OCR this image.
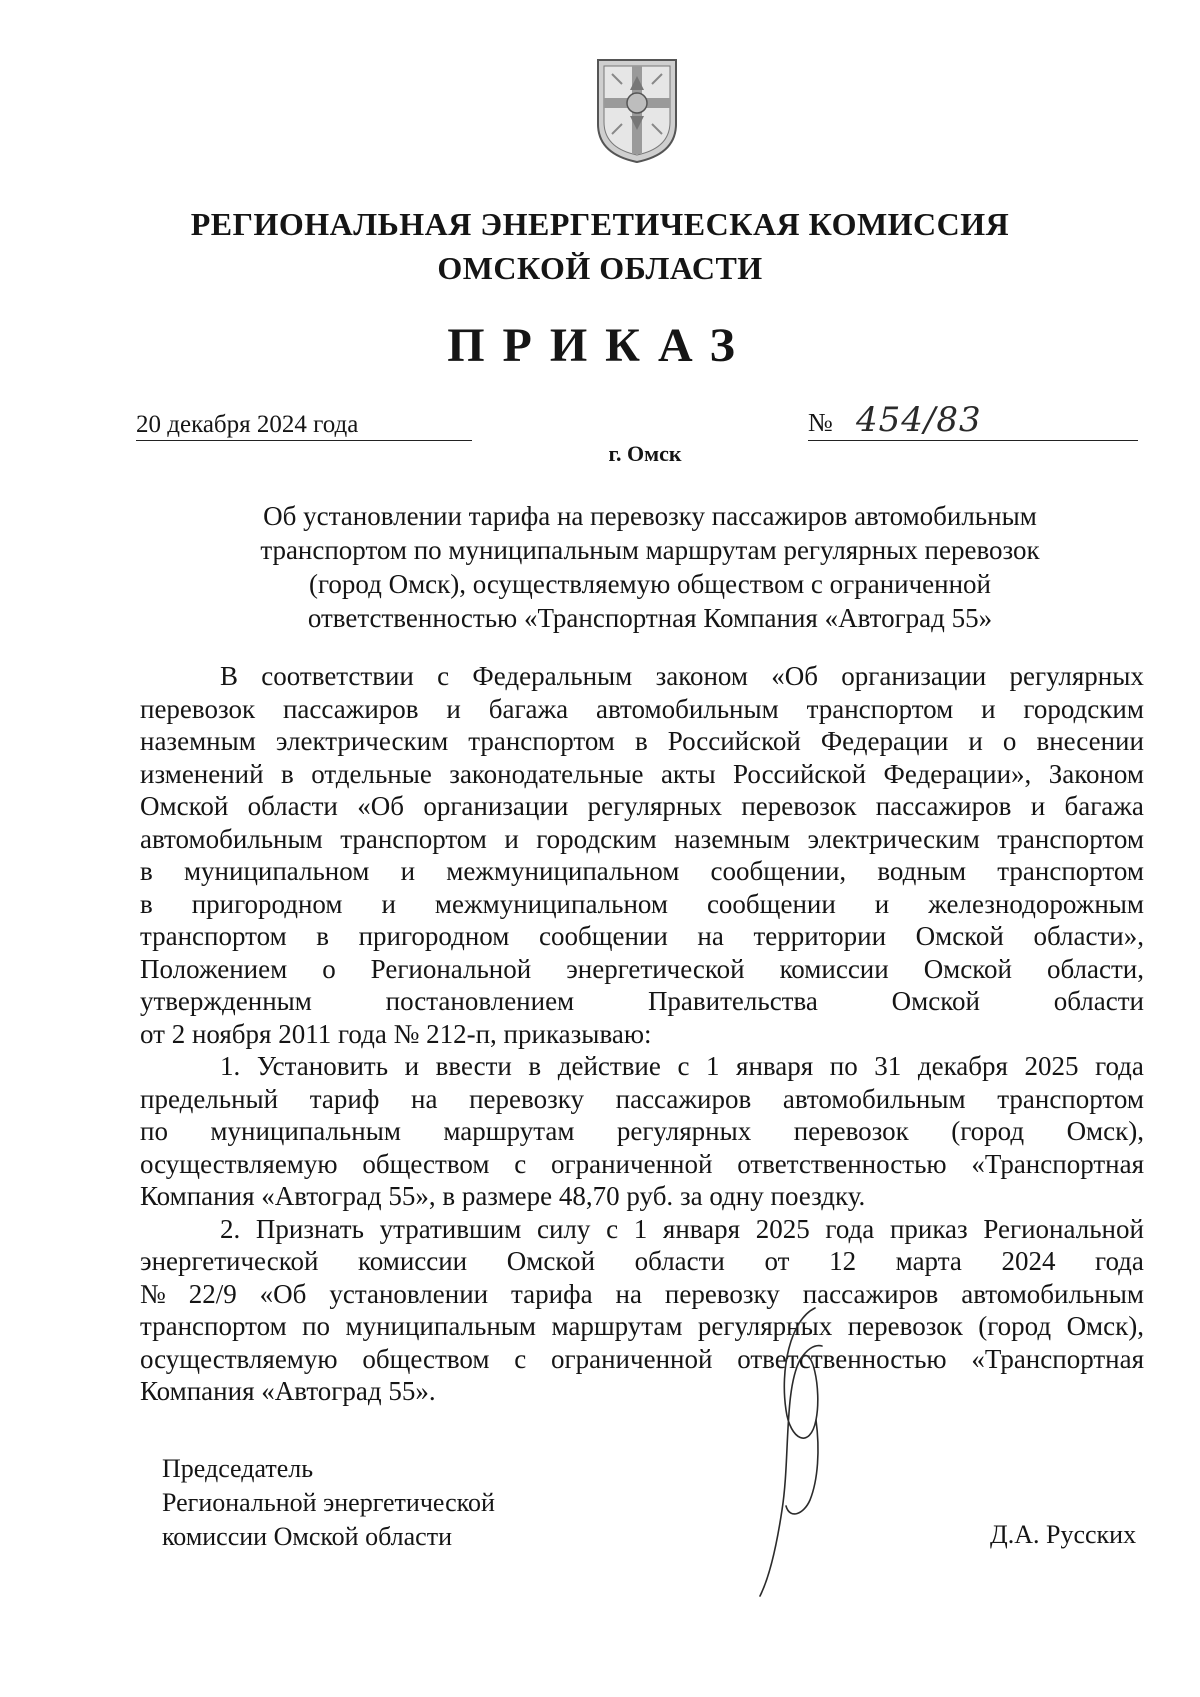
РЕГИОНАЛЬНАЯ ЭНЕРГЕТИЧЕСКАЯ КОМИССИЯ
ОМСКОЙ ОБЛАСТИ
ПРИКАЗ
20 декабря 2024 года	№ 454/83
г. Омск
Об установлении тарифа на перевозку пассажиров автомобильным
транспортом по муниципальным маршрутам регулярных перевозок
(город Омск), осуществляемую обществом с ограниченной
ответственностью «Транспортная Компания «Автоград 55»
В соответствии с Федеральным законом «Об организации регулярных
перевозок пассажиров и багажа автомобильным транспортом и городским
наземным электрическим транспортом в Российской Федерации и о внесении
изменений в отдельные законодательные акты Российской Федерации», Законом
Омской области «Об организации регулярных перевозок пассажиров и багажа
автомобильным транспортом и городским наземным электрическим транспортом
в муниципальном и межмуниципальном сообщении, водным транспортом
в пригородном и межмуниципальном сообщении и железнодорожным
транспортом в пригородном сообщении на территории Омской области»,
Положением о Региональной энергетической комиссии Омской области,
утвержденным	постановлением	Правительства	Омской	области
от 2 ноября 2011 года № 212-п, приказываю:
1. Установить и ввести в действие с 1 января по 31 декабря 2025 года
предельный тариф на перевозку пассажиров автомобильным транспортом
по муниципальным маршрутам регулярных перевозок (город Омск),
осуществляемую обществом с ограниченной ответственностью «Транспортная
Компания «Автоград 55», в размере 48,70 руб. за одну поездку.
2. Признать утратившим силу с 1 января 2025 года приказ Региональной
энергетической комиссии Омской области от 12 марта 2024 года
№ 22/9 «Об установлении тарифа на перевозку пассажиров автомобильным
транспортом по муниципальным маршрутам регулярных перевозок (город Омск),
осуществляемую обществом с ограниченной ответственностью «Транспортная
Компания «Автоград 55».
Председатель
Региональной энергетической
комиссии Омской области	Д.А. Русских
